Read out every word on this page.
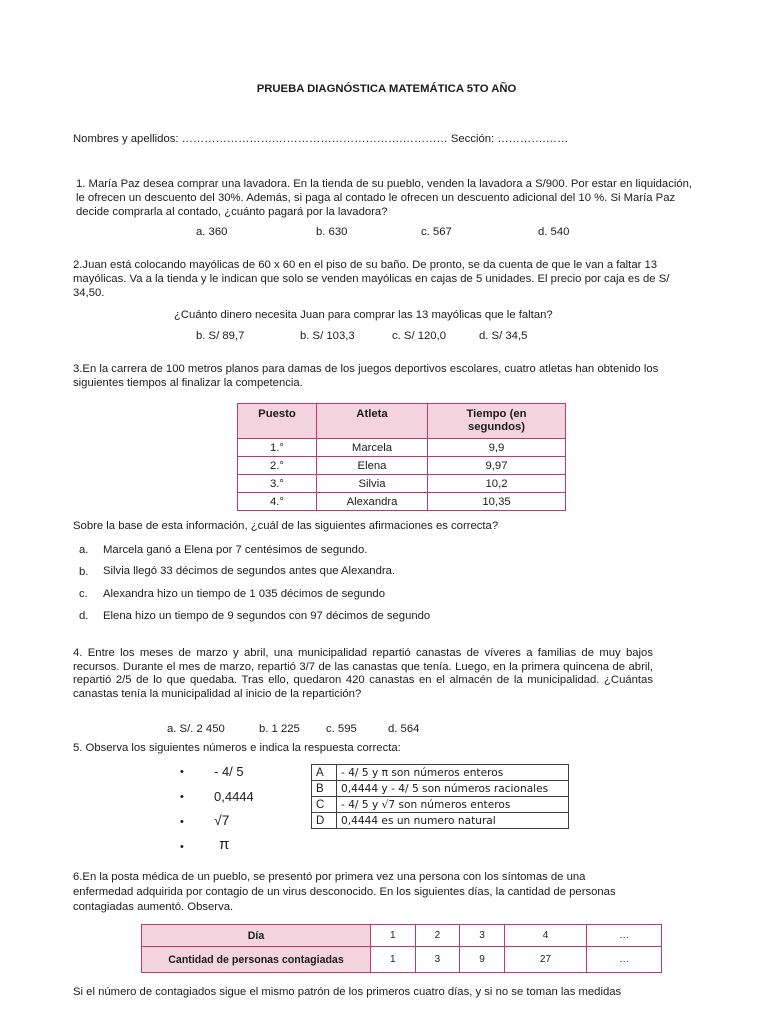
PRUEBA DIAGNÓSTICA MATEMÁTICA 5TO AÑO
Nombres y apellidos: …………………….…………………………….………… Sección: ………….……
1. María Paz desea comprar una lavadora. En la tienda de su pueblo, venden la lavadora a S/900. Por estar en liquidación, le ofrecen un descuento del 30%. Además, si paga al contado le ofrecen un descuento adicional del 10 %. Si María Paz decide comprarla al contado, ¿cuánto pagará por la lavadora?
a. 360	b. 630	c. 567	d. 540
2.Juan está colocando mayólicas de 60 x 60 en el piso de su baño. De pronto, se da cuenta de que le van a faltar 13 mayólicas. Va a la tienda y le indican que solo se venden mayólicas en cajas de 5 unidades. El precio por caja es de S/ 34,50.
¿Cuánto dinero necesita Juan para comprar las 13 mayólicas que le faltan?
b. S/ 89,7	b. S/ 103,3	c. S/ 120,0	d. S/ 34,5
3.En la carrera de 100 metros planos para damas de los juegos deportivos escolares, cuatro atletas han obtenido los siguientes tiempos al finalizar la competencia.
Puesto	Atleta	Tiempo (en segundos)
1.°	Marcela	9,9
2.°	Elena	9,97
3.°	Silvia	10,2
4.°	Alexandra	10,35
Sobre la base de esta información, ¿cuál de las siguientes afirmaciones es correcta?
a. Marcela ganó a Elena por 7 centésimos de segundo.
b. Silvia llegó 33 décimos de segundos antes que Alexandra.
c. Alexandra hizo un tiempo de 1 035 décimos de segundo
d. Elena hizo un tiempo de 9 segundos con 97 décimos de segundo
4. Entre los meses de marzo y abril, una municipalidad repartió canastas de víveres a familias de muy bajos recursos. Durante el mes de marzo, repartió 3/7 de las canastas que tenía. Luego, en la primera quincena de abril, repartió 2/5 de lo que quedaba. Tras ello, quedaron 420 canastas en el almacén de la municipalidad. ¿Cuántas canastas tenía la municipalidad al inicio de la repartición?
a. S/. 2 450	b. 1 225 c. 595	d. 564
5. Observa los siguientes números e indica la respuesta correcta:
• - 4/ 5
• 0,4444
• √7
• π
A	- 4/ 5 y π son números enteros
B	0,4444 y - 4/ 5 son números racionales
C	- 4/ 5 y √7 son números enteros
D	0,4444 es un numero natural
6.En la posta médica de un pueblo, se presentó por primera vez una persona con los síntomas de una enfermedad adquirida por contagio de un virus desconocido. En los siguientes días, la cantidad de personas contagiadas aumentó. Observa.
Día	1	2	3	4	…
Cantidad de personas contagiadas	1	3	9	27	…
Si el número de contagiados sigue el mismo patrón de los primeros cuatro días, y si no se toman las medidas
